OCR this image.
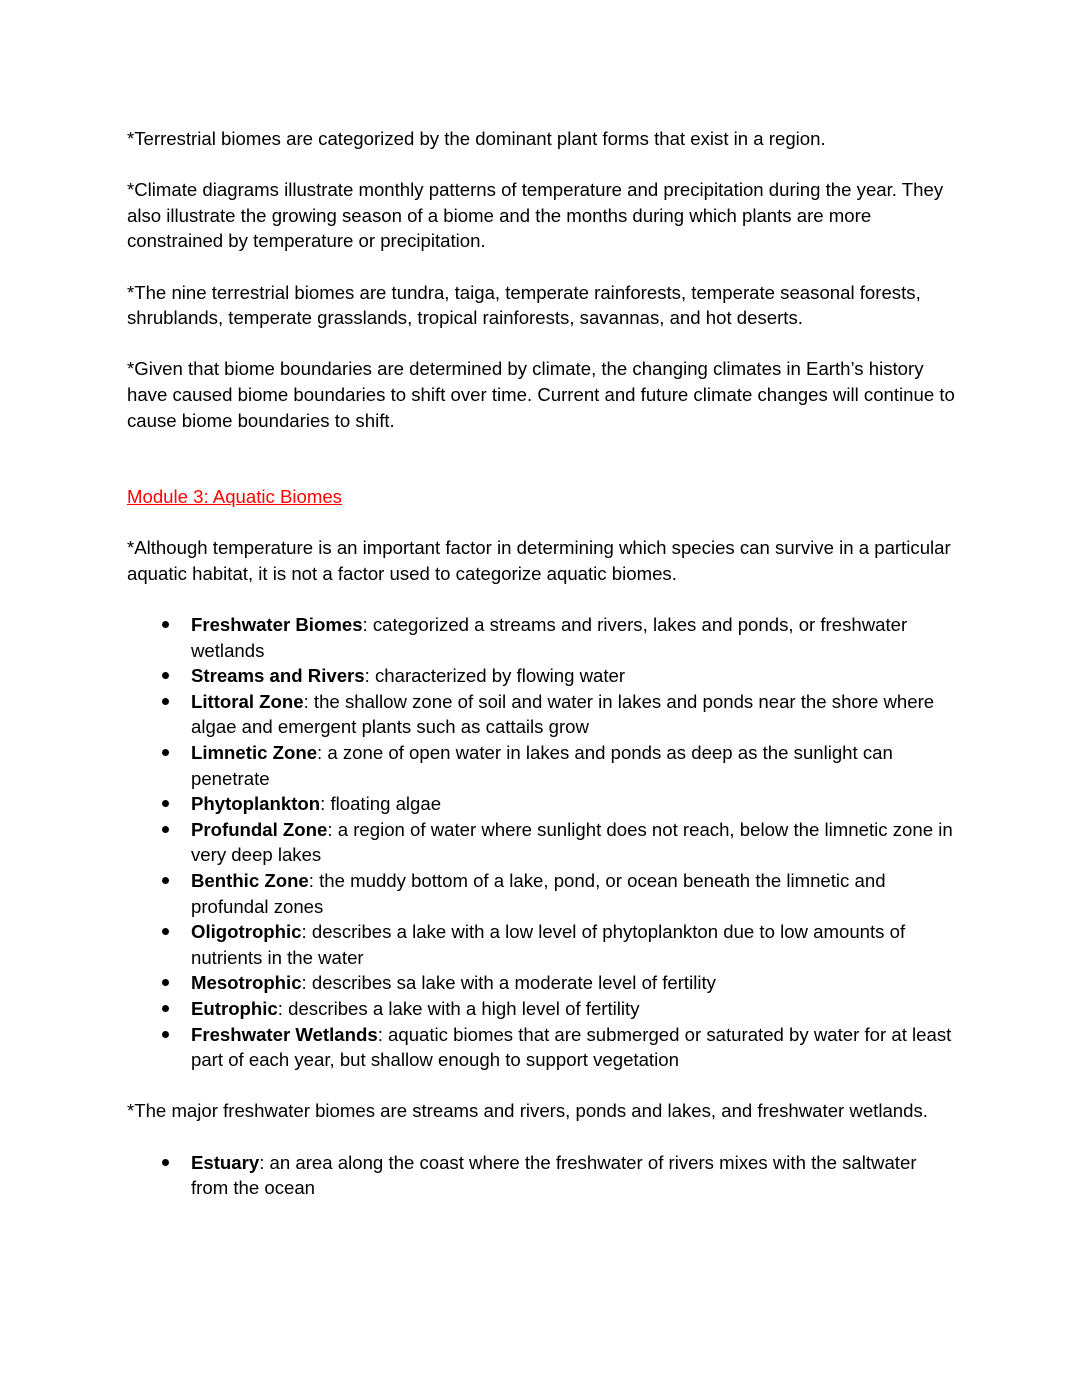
*Terrestrial biomes are categorized by the dominant plant forms that exist in a region.

*Climate diagrams illustrate monthly patterns of temperature and precipitation during the year. They also illustrate the growing season of a biome and the months during which plants are more constrained by temperature or precipitation.

*The nine terrestrial biomes are tundra, taiga, temperate rainforests, temperate seasonal forests, shrublands, temperate grasslands, tropical rainforests, savannas, and hot deserts.

*Given that biome boundaries are determined by climate, the changing climates in Earth’s history have caused biome boundaries to shift over time. Current and future climate changes will continue to cause biome boundaries to shift.

Module 3: Aquatic Biomes

*Although temperature is an important factor in determining which species can survive in a particular aquatic habitat, it is not a factor used to categorize aquatic biomes.

Freshwater Biomes: categorized a streams and rivers, lakes and ponds, or freshwater wetlands
Streams and Rivers: characterized by flowing water
Littoral Zone: the shallow zone of soil and water in lakes and ponds near the shore where algae and emergent plants such as cattails grow
Limnetic Zone: a zone of open water in lakes and ponds as deep as the sunlight can penetrate
Phytoplankton: floating algae
Profundal Zone: a region of water where sunlight does not reach, below the limnetic zone in very deep lakes
Benthic Zone: the muddy bottom of a lake, pond, or ocean beneath the limnetic and profundal zones
Oligotrophic: describes a lake with a low level of phytoplankton due to low amounts of nutrients in the water
Mesotrophic: describes sa lake with a moderate level of fertility
Eutrophic: describes a lake with a high level of fertility
Freshwater Wetlands: aquatic biomes that are submerged or saturated by water for at least part of each year, but shallow enough to support vegetation

*The major freshwater biomes are streams and rivers, ponds and lakes, and freshwater wetlands.

Estuary: an area along the coast where the freshwater of rivers mixes with the saltwater from the ocean
